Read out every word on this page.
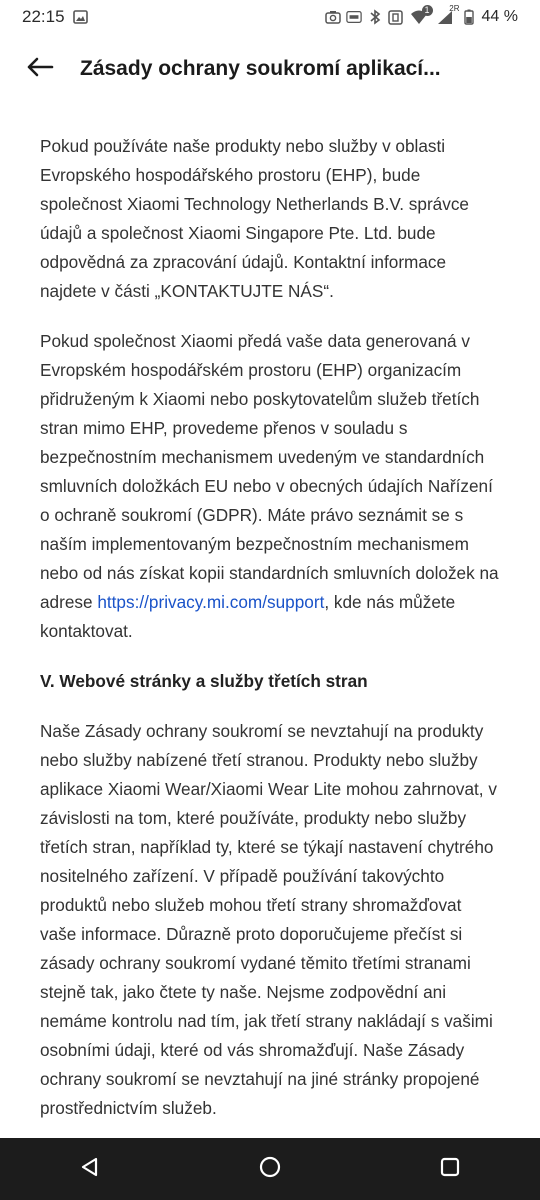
22:15	1	2R 44 %
Zásady ochrany soukromí aplikací...

Pokud používáte naše produkty nebo služby v oblasti Evropského hospodářského prostoru (EHP), bude společnost Xiaomi Technology Netherlands B.V. správce údajů a společnost Xiaomi Singapore Pte. Ltd. bude odpovědná za zpracování údajů. Kontaktní informace najdete v části „KONTAKTUJTE NÁS“.

Pokud společnost Xiaomi předá vaše data generovaná v Evropském hospodářském prostoru (EHP) organizacím přidruženým k Xiaomi nebo poskytovatelům služeb třetích stran mimo EHP, provedeme přenos v souladu s bezpečnostním mechanismem uvedeným ve standardních smluvních doložkách EU nebo v obecných údajích Nařízení o ochraně soukromí (GDPR). Máte právo seznámit se s naším implementovaným bezpečnostním mechanismem nebo od nás získat kopii standardních smluvních doložek na adrese https://privacy.mi.com/support, kde nás můžete kontaktovat.

V. Webové stránky a služby třetích stran

Naše Zásady ochrany soukromí se nevztahují na produkty nebo služby nabízené třetí stranou. Produkty nebo služby aplikace Xiaomi Wear/Xiaomi Wear Lite mohou zahrnovat, v závislosti na tom, které používáte, produkty nebo služby třetích stran, například ty, které se týkají nastavení chytrého nositelného zařízení. V případě používání takovýchto produktů nebo služeb mohou třetí strany shromažďovat vaše informace. Důrazně proto doporučujeme přečíst si zásady ochrany soukromí vydané těmito třetími stranami stejně tak, jako čtete ty naše. Nejsme zodpovědní ani nemáme kontrolu nad tím, jak třetí strany nakládají s vašimi osobními údaji, které od vás shromažďují. Naše Zásady ochrany soukromí se nevztahují na jiné stránky propojené prostřednictvím služeb.
